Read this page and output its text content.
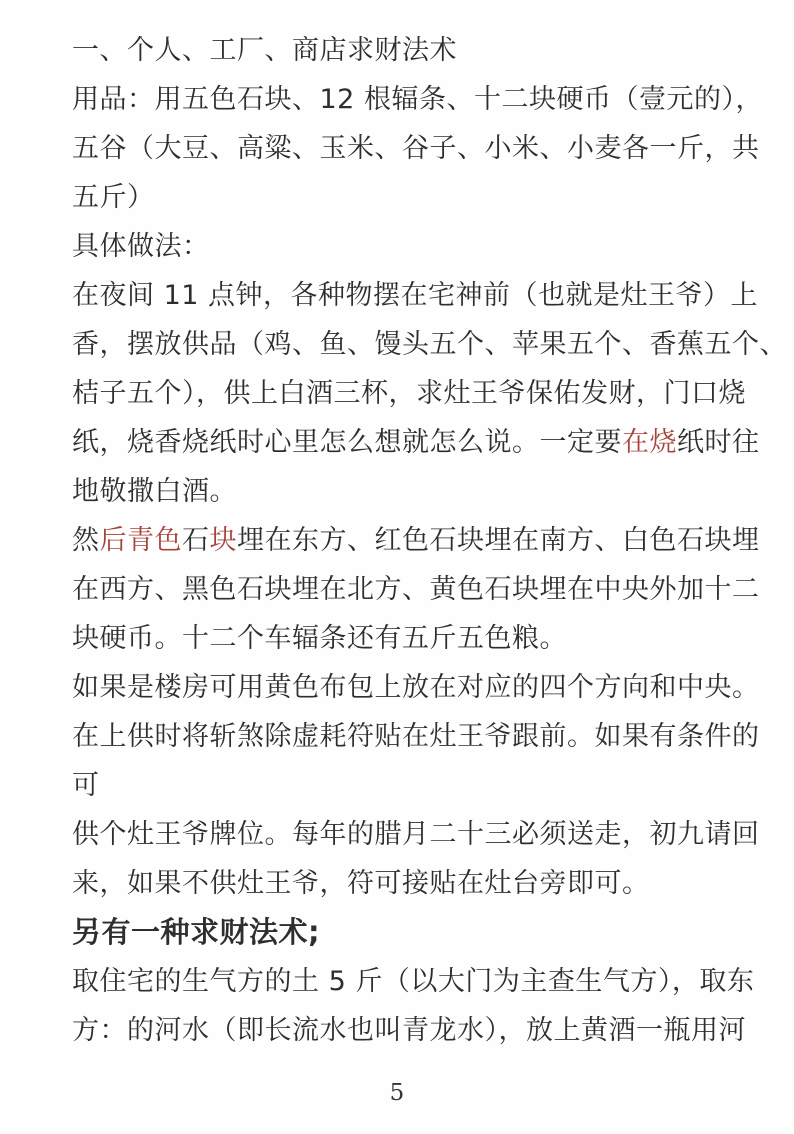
一、个人、工厂、商店求财法术

用品：用五色石块、12 根辐条、十二块硬币（壹元的），

五谷（大豆、高粱、玉米、谷子、小米、小麦各一斤，共

五斤）

具体做法：

在夜间 11 点钟，各种物摆在宅神前（也就是灶王爷）上

香，摆放供品（鸡、鱼、馒头五个、苹果五个、香蕉五个、

桔子五个），供上白酒三杯，求灶王爷保佑发财，门口烧

纸，烧香烧纸时心里怎么想就怎么说。一定要在烧纸时往

地敬撒白酒。

然后青色石块埋在东方、红色石块埋在南方、白色石块埋

在西方、黑色石块埋在北方、黄色石块埋在中央外加十二

块硬币。十二个车辐条还有五斤五色粮。

如果是楼房可用黄色布包上放在对应的四个方向和中央。

在上供时将斩煞除虚耗符贴在灶王爷跟前。如果有条件的

可

供个灶王爷牌位。每年的腊月二十三必须送走，初九请回

来，如果不供灶王爷，符可接贴在灶台旁即可。

另有一种求财法术;

取住宅的生气方的土 5 斤（以大门为主查生气方），取东

方：的河水（即长流水也叫青龙水），放上黄酒一瓶用河

5
